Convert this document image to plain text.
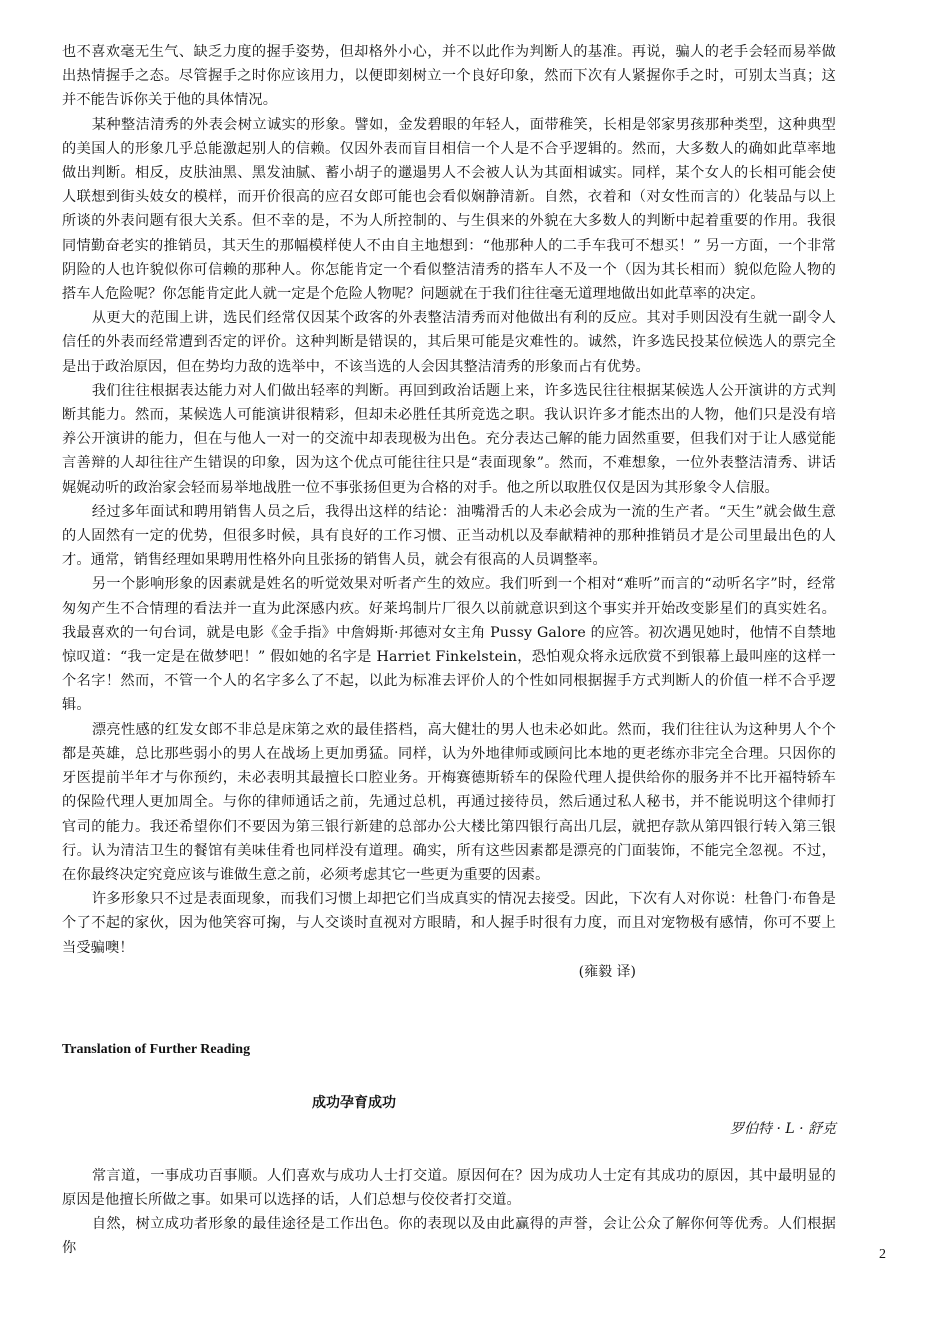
也不喜欢毫无生气、缺乏力度的握手姿势，但却格外小心，并不以此作为判断人的基准。再说，骗人的老手会轻而易举做出热情握手之态。尽管握手之时你应该用力，以便即刻树立一个良好印象，然而下次有人紧握你手之时，可别太当真；这并不能告诉你关于他的具体情况。

某种整洁清秀的外表会树立诚实的形象。譬如，金发碧眼的年轻人，面带稚笑，长相是邻家男孩那种类型，这种典型的美国人的形象几乎总能激起别人的信赖。仅因外表而盲目相信一个人是不合乎逻辑的。然而，大多数人的确如此草率地做出判断。相反，皮肤油黑、黑发油腻、蓄小胡子的邋遢男人不会被人认为其面相诚实。同样，某个女人的长相可能会使人联想到街头妓女的模样，而开价很高的应召女郎可能也会看似娴静清新。自然，衣着和（对女性而言的）化装品与以上所谈的外表问题有很大关系。但不幸的是，不为人所控制的、与生俱来的外貌在大多数人的判断中起着重要的作用。我很同情勤奋老实的推销员，其天生的那幅模样使人不由自主地想到：“他那种人的二手车我可不想买！” 另一方面，一个非常阴险的人也许貌似你可信赖的那种人。你怎能肯定一个看似整洁清秀的搭车人不及一个（因为其长相而）貌似危险人物的搭车人危险呢？你怎能肯定此人就一定是个危险人物呢？问题就在于我们往往毫无道理地做出如此草率的决定。

从更大的范围上讲，选民们经常仅因某个政客的外表整洁清秀而对他做出有利的反应。其对手则因没有生就一副令人信任的外表而经常遭到否定的评价。这种判断是错误的，其后果可能是灾难性的。诚然，许多选民投某位候选人的票完全是出于政治原因，但在势均力敌的选举中，不该当选的人会因其整洁清秀的形象而占有优势。

我们往往根据表达能力对人们做出轻率的判断。再回到政治话题上来，许多选民往往根据某候选人公开演讲的方式判断其能力。然而，某候选人可能演讲很精彩，但却未必胜任其所竞选之职。我认识许多才能杰出的人物，他们只是没有培养公开演讲的能力，但在与他人一对一的交流中却表现极为出色。充分表达己解的能力固然重要，但我们对于让人感觉能言善辩的人却往往产生错误的印象，因为这个优点可能往往只是“表面现象”。然而，不难想象，一位外表整洁清秀、讲话娓娓动听的政治家会轻而易举地战胜一位不事张扬但更为合格的对手。他之所以取胜仅仅是因为其形象令人信服。

经过多年面试和聘用销售人员之后，我得出这样的结论：油嘴滑舌的人未必会成为一流的生产者。“天生”就会做生意的人固然有一定的优势，但很多时候，具有良好的工作习惯、正当动机以及奉献精神的那种推销员才是公司里最出色的人才。通常，销售经理如果聘用性格外向且张扬的销售人员，就会有很高的人员调整率。

另一个影响形象的因素就是姓名的听觉效果对听者产生的效应。我们听到一个相对“难听”而言的“动听名字”时，经常匆匆产生不合情理的看法并一直为此深感内疚。好莱坞制片厂很久以前就意识到这个事实并开始改变影星们的真实姓名。我最喜欢的一句台词，就是电影《金手指》中詹姆斯·邦德对女主角 Pussy Galore 的应答。初次遇见她时，他情不自禁地惊叹道：“我一定是在做梦吧！” 假如她的名字是 Harriet Finkelstein，恐怕观众将永远欣赏不到银幕上最叫座的这样一个名字！然而，不管一个人的名字多么了不起，以此为标准去评价人的个性如同根据握手方式判断人的价值一样不合乎逻辑。

漂亮性感的红发女郎不非总是床第之欢的最佳搭档，高大健壮的男人也未必如此。然而，我们往往认为这种男人个个都是英雄，总比那些弱小的男人在战场上更加勇猛。同样，认为外地律师或顾问比本地的更老练亦非完全合理。只因你的牙医提前半年才与你预约，未必表明其最擅长口腔业务。开梅赛德斯轿车的保险代理人提供给你的服务并不比开福特轿车的保险代理人更加周全。与你的律师通话之前，先通过总机，再通过接待员，然后通过私人秘书，并不能说明这个律师打官司的能力。我还希望你们不要因为第三银行新建的总部办公大楼比第四银行高出几层，就把存款从第四银行转入第三银行。认为清洁卫生的餐馆有美味佳肴也同样没有道理。确实，所有这些因素都是漂亮的门面装饰，不能完全忽视。不过，在你最终决定究竟应该与谁做生意之前，必须考虑其它一些更为重要的因素。

许多形象只不过是表面现象，而我们习惯上却把它们当成真实的情况去接受。因此，下次有人对你说：杜鲁门·布鲁是个了不起的家伙，因为他笑容可掬，与人交谈时直视对方眼睛，和人握手时很有力度，而且对宠物极有感情，你可不要上当受骗噢！

(雍毅 译)

Translation of Further Reading

成功孕育成功

罗伯特 · L · 舒克

常言道，一事成功百事顺。人们喜欢与成功人士打交道。原因何在？因为成功人士定有其成功的原因，其中最明显的原因是他擅长所做之事。如果可以选择的话，人们总想与佼佼者打交道。

自然，树立成功者形象的最佳途径是工作出色。你的表现以及由此赢得的声誉，会让公众了解你何等优秀。人们根据你	2
